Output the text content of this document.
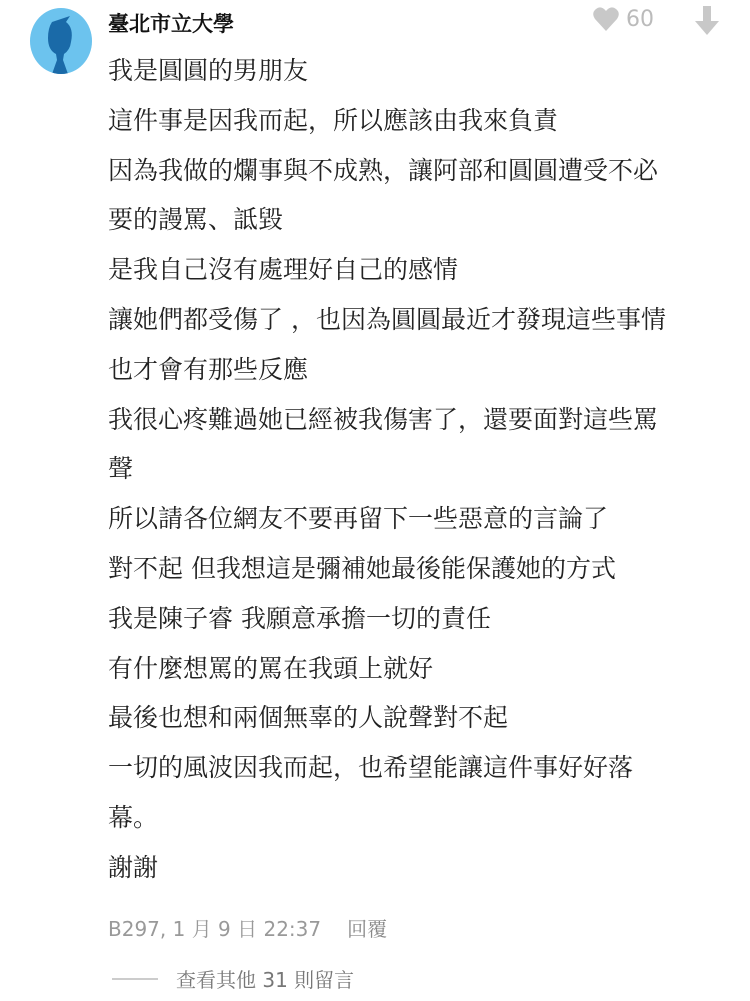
臺北市立大學	60
我是圓圓的男朋友
這件事是因我而起，所以應該由我來負責
因為我做的爛事與不成熟，讓阿部和圓圓遭受不必
要的謾罵、詆毀
是我自己沒有處理好自己的感情
讓她們都受傷了 ，也因為圓圓最近才發現這些事情
也才會有那些反應
我很心疼難過她已經被我傷害了，還要面對這些罵
聲
所以請各位網友不要再留下一些惡意的言論了
對不起 但我想這是彌補她最後能保護她的方式
我是陳子睿 我願意承擔一切的責任
有什麼想罵的罵在我頭上就好
最後也想和兩個無辜的人說聲對不起
一切的風波因我而起，也希望能讓這件事好好落
幕。
謝謝
B297, 1 月 9 日 22:37 回覆
查看其他 31 則留言
